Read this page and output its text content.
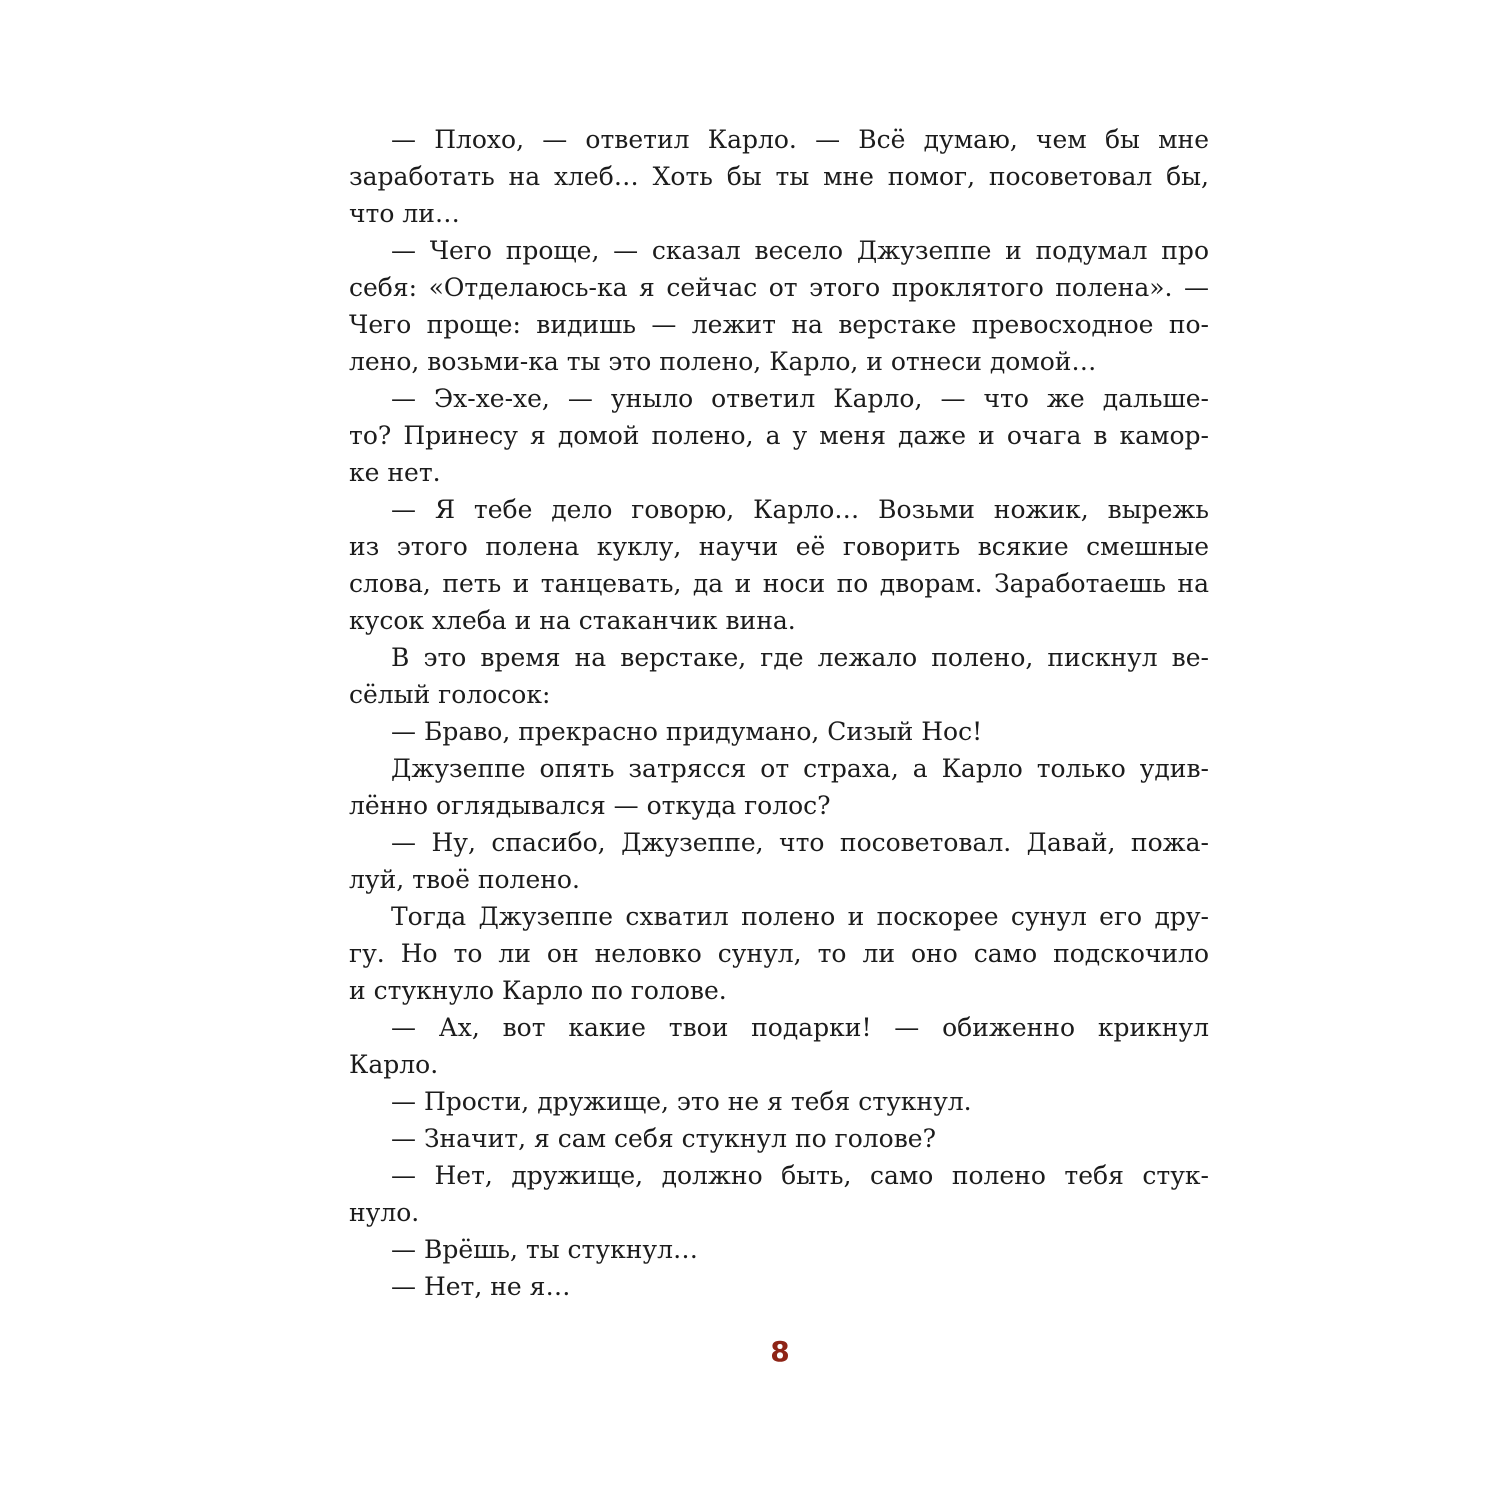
— Плохо, — ответил Карло. — Всё думаю, чем бы мне
заработать на хлеб… Хоть бы ты мне помог, посоветовал бы,
что ли…
— Чего проще, — сказал весело Джузеппе и подумал про
себя: «Отделаюсь-ка я сейчас от этого проклятого полена». —
Чего проще: видишь — лежит на верстаке превосходное по-
лено, возьми-ка ты это полено, Карло, и отнеси домой…
— Эх-хе-хе, — уныло ответил Карло, — что же дальше-
то? Принесу я домой полено, а у меня даже и очага в камор-
ке нет.
— Я тебе дело говорю, Карло… Возьми ножик, вырежь
из этого полена куклу, научи её говорить всякие смешные
слова, петь и танцевать, да и носи по дворам. Заработаешь на
кусок хлеба и на стаканчик вина.
В это время на верстаке, где лежало полено, пискнул ве-
сёлый голосок:
— Браво, прекрасно придумано, Сизый Нос!
Джузеппе опять затрясся от страха, а Карло только удив-
лённо оглядывался — откуда голос?
— Ну, спасибо, Джузеппе, что посоветовал. Давай, пожа-
луй, твоё полено.
Тогда Джузеппе схватил полено и поскорее сунул его дру-
гу. Но то ли он неловко сунул, то ли оно само подскочило
и стукнуло Карло по голове.
— Ах, вот какие твои подарки! — обиженно крикнул
Карло.
— Прости, дружище, это не я тебя стукнул.
— Значит, я сам себя стукнул по голове?
— Нет, дружище, должно быть, само полено тебя стук-
нуло.
— Врёшь, ты стукнул…
— Нет, не я…
8
